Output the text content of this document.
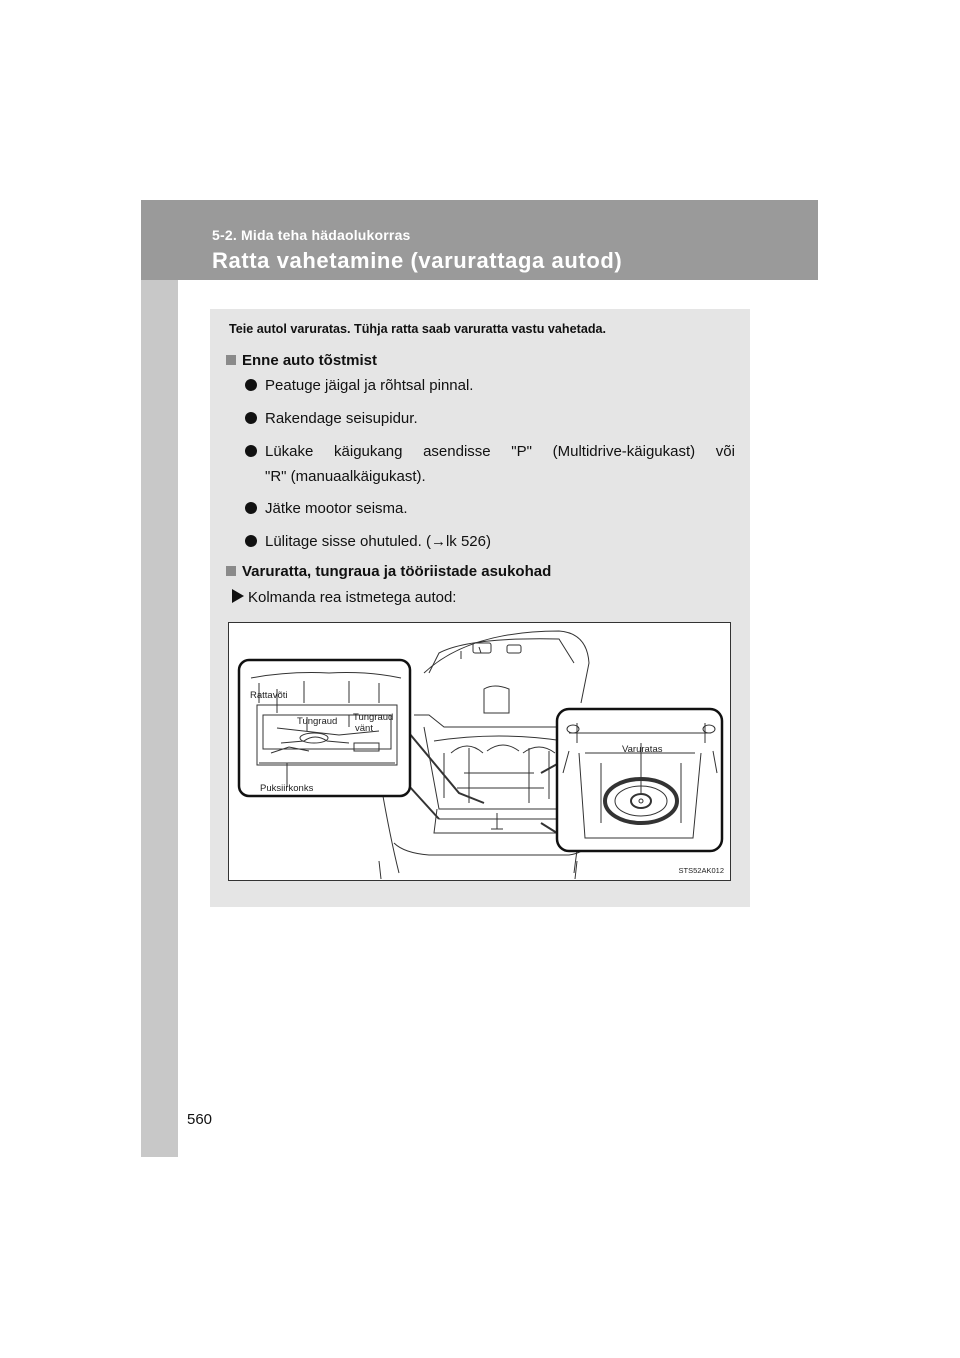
5-2. Mida teha hädaolukorras
Ratta vahetamine (varurattaga autod)
Teie autol varuratas. Tühja ratta saab varuratta vastu vahetada.
Enne auto tõstmist
Peatuge jäigal ja rõhtsal pinnal.
Rakendage seisupidur.
Lükake käigukang asendisse "P" (Multidrive-käigukast) või
"R" (manuaalkäigukast).
Jätke mootor seisma.
Lülitage sisse ohutuled. (→lk 526)
Varuratta, tungraua ja tööriistade asukohad
Kolmanda rea istmetega autod:
Rattavõti
Tungraud Tungraud
vänt
Puksiirkonks
Varuratas
STS52AK012
560
